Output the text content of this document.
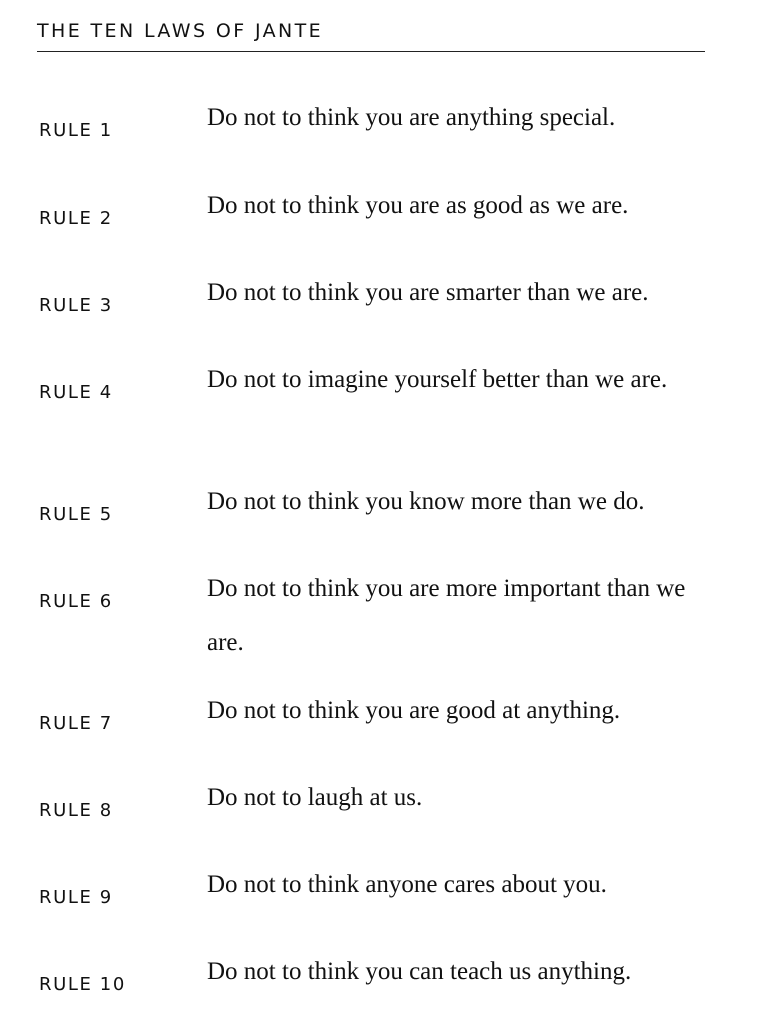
THE TEN LAWS OF JANTE
RULE 1	Do not to think you are anything special.
RULE 2	Do not to think you are as good as we are.
RULE 3	Do not to think you are smarter than we are.
RULE 4	Do not to imagine yourself better than we are.
RULE 5	Do not to think you know more than we do.
RULE 6	Do not to think you are more important than we are.
RULE 7	Do not to think you are good at anything.
RULE 8	Do not to laugh at us.
RULE 9	Do not to think anyone cares about you.
RULE 10	Do not to think you can teach us anything.
